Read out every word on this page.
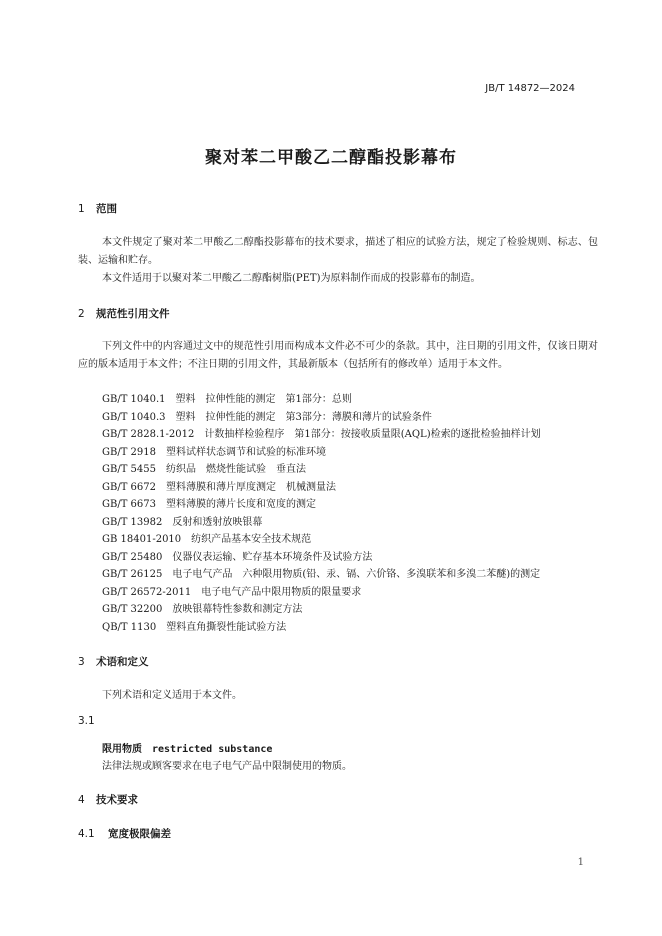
JB/T 14872—2024
聚对苯二甲酸乙二醇酯投影幕布
1 范围
本文件规定了聚对苯二甲酸乙二醇酯投影幕布的技术要求，描述了相应的试验方法，规定了检验规则、标志、包装、运输和贮存。
本文件适用于以聚对苯二甲酸乙二醇酯树脂(PET)为原料制作而成的投影幕布的制造。
2 规范性引用文件
下列文件中的内容通过文中的规范性引用而构成本文件必不可少的条款。其中，注日期的引用文件，仅该日期对应的版本适用于本文件；不注日期的引用文件，其最新版本（包括所有的修改单）适用于本文件。
GB/T 1040.1　塑料　拉伸性能的测定　第1部分：总则
GB/T 1040.3　塑料　拉伸性能的测定　第3部分：薄膜和薄片的试验条件
GB/T 2828.1-2012　计数抽样检验程序　第1部分：按接收质量限(AQL)检索的逐批检验抽样计划
GB/T 2918　塑料试样状态调节和试验的标准环境
GB/T 5455　纺织品　燃烧性能试验　垂直法
GB/T 6672　塑料薄膜和薄片厚度测定　机械测量法
GB/T 6673　塑料薄膜的薄片长度和宽度的测定
GB/T 13982　反射和透射放映银幕
GB 18401-2010　纺织产品基本安全技术规范
GB/T 25480　仪器仪表运输、贮存基本环境条件及试验方法
GB/T 26125　电子电气产品　六种限用物质(铅、汞、镉、六价铬、多溴联苯和多溴二苯醚)的测定
GB/T 26572-2011　电子电气产品中限用物质的限量要求
GB/T 32200　放映银幕特性参数和测定方法
QB/T 1130　塑料直角撕裂性能试验方法
3 术语和定义
下列术语和定义适用于本文件。
3.1
限用物质 restricted substance
法律法规或顾客要求在电子电气产品中限制使用的物质。
4 技术要求
4.1 宽度极限偏差
1
